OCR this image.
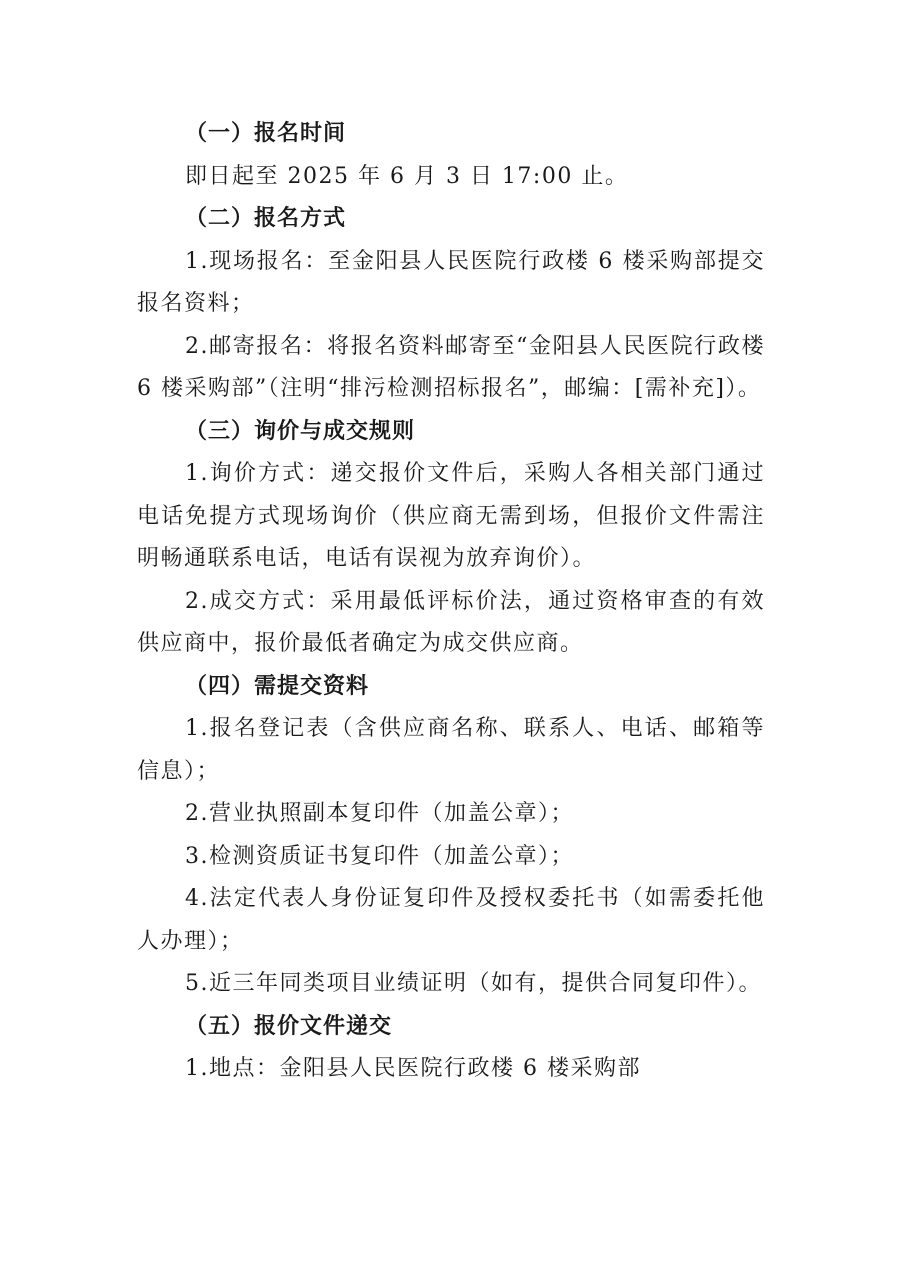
（一）报名时间

即日起至 2025 年 6 月 3 日 17:00 止。

（二）报名方式

1.现场报名：至金阳县人民医院行政楼 6 楼采购部提交报名资料；

2.邮寄报名：将报名资料邮寄至“金阳县人民医院行政楼 6 楼采购部”（注明“排污检测招标报名”，邮编：[需补充]）。

（三）询价与成交规则

1.询价方式：递交报价文件后，采购人各相关部门通过电话免提方式现场询价（供应商无需到场，但报价文件需注明畅通联系电话，电话有误视为放弃询价）。

2.成交方式：采用最低评标价法，通过资格审查的有效供应商中，报价最低者确定为成交供应商。

（四）需提交资料

1.报名登记表（含供应商名称、联系人、电话、邮箱等信息）；

2.营业执照副本复印件（加盖公章）；

3.检测资质证书复印件（加盖公章）；

4.法定代表人身份证复印件及授权委托书（如需委托他人办理）；

5.近三年同类项目业绩证明（如有，提供合同复印件）。

（五）报价文件递交

1.地点：金阳县人民医院行政楼 6 楼采购部
